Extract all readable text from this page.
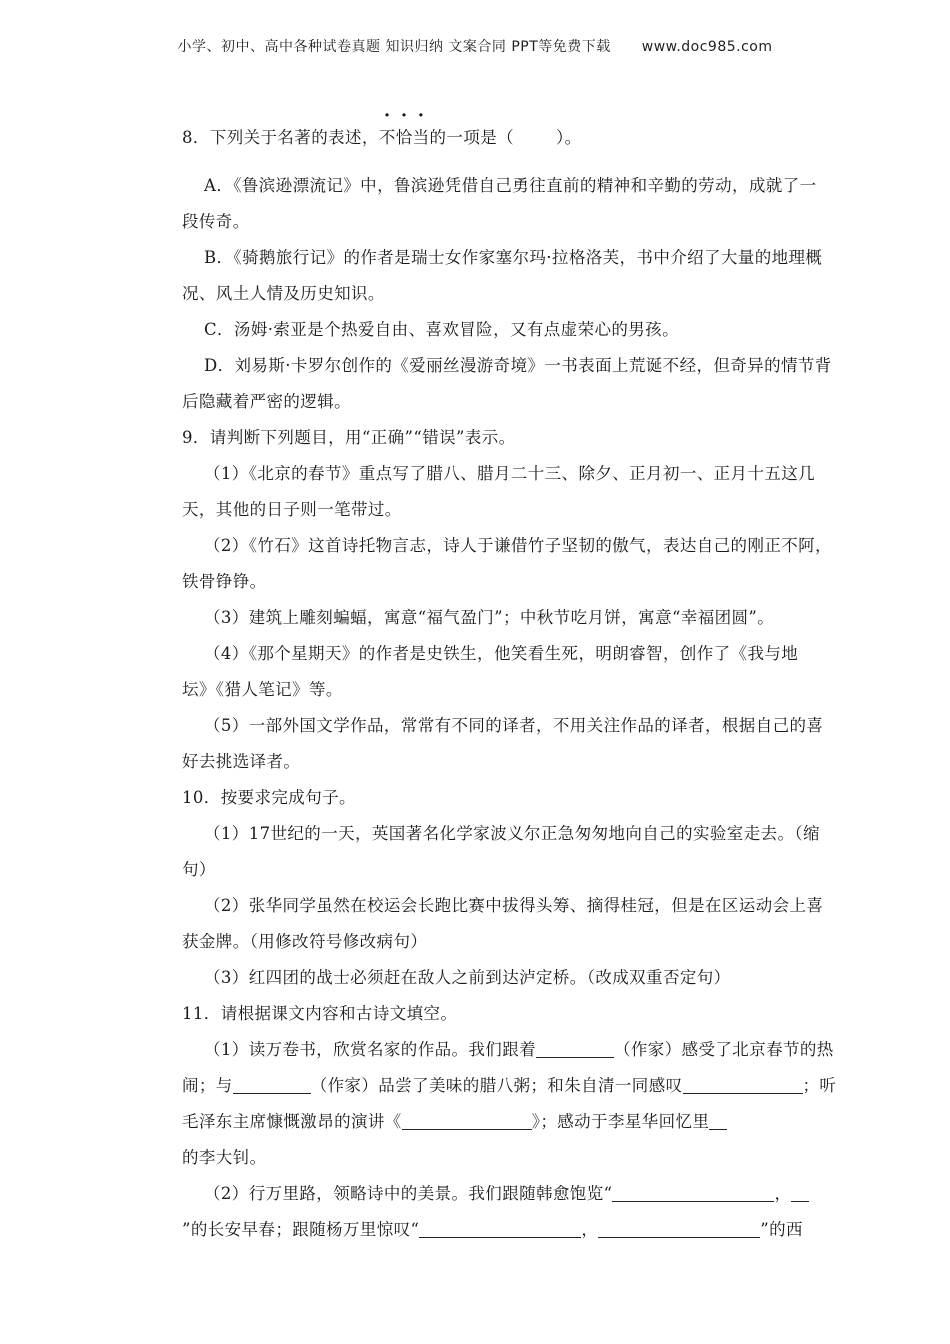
小学、初中、高中各种试卷真题 知识归纳 文案合同 PPT等免费下载 www.doc985.com
8．下列关于名著的表述，不恰当的一项是（	）。
A．《鲁滨逊漂流记》中，鲁滨逊凭借自己勇往直前的精神和辛勤的劳动，成就了一
段传奇。
B．《骑鹅旅行记》的作者是瑞士女作家塞尔玛·拉格洛芙，书中介绍了大量的地理概
况、风土人情及历史知识。
C．汤姆·索亚是个热爱自由、喜欢冒险，又有点虚荣心的男孩。
D．刘易斯·卡罗尔创作的《爱丽丝漫游奇境》一书表面上荒诞不经，但奇异的情节背
后隐藏着严密的逻辑。
9．请判断下列题目，用“正确”“错误”表示。
（1）《北京的春节》重点写了腊八、腊月二十三、除夕、正月初一、正月十五这几
天，其他的日子则一笔带过。
（2）《竹石》这首诗托物言志，诗人于谦借竹子坚韧的傲气，表达自己的刚正不阿，
铁骨铮铮。
（3）建筑上雕刻蝙蝠，寓意“福气盈门”；中秋节吃月饼，寓意“幸福团圆”。
（4）《那个星期天》的作者是史铁生，他笑看生死，明朗睿智，创作了《我与地
坛》《猎人笔记》等。
（5）一部外国文学作品，常常有不同的译者，不用关注作品的译者，根据自己的喜
好去挑选译者。
10．按要求完成句子。
（1）17世纪的一天，英国著名化学家波义尔正急匆匆地向自己的实验室走去。（缩
句）
（2）张华同学虽然在校运会长跑比赛中拔得头筹、摘得桂冠，但是在区运动会上喜
获金牌。（用修改符号修改病句）
（3）红四团的战士必须赶在敌人之前到达泸定桥。（改成双重否定句）
11．请根据课文内容和古诗文填空。
（1）读万卷书，欣赏名家的作品。我们跟着	（作家）感受了北京春节的热
闹；与	（作家）品尝了美味的腊八粥；和朱自清一同感叹	；听
毛泽东主席慷慨激昂的演讲《	》；感动于李星华回忆里
的李大钊。
（2）行万里路，领略诗中的美景。我们跟随韩愈饱览“	，
”的长安早春；跟随杨万里惊叹“	，	”的西
